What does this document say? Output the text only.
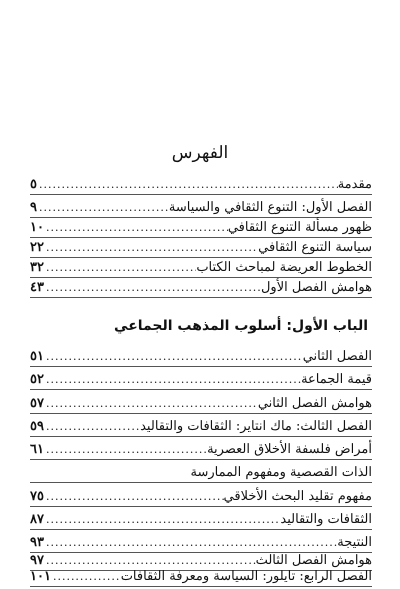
الفهرس
مقدمة
.....
٥
الفصل الأول: التنوع الثقافي والسياسة
.....
٩
ظهور مسألة التنوع الثقافي
.....
١٠
سياسة التنوع الثقافي
.....
٢٢
الخطوط العريضة لمباحث الكتاب
.....
٣٢
هوامش الفصل الأول
.....
٤٣
الباب الأول: أسلوب المذهب الجماعي
الفصل الثاني
.....
٥١
قيمة الجماعة
.....
٥٢
هوامش الفصل الثاني
.....
٥٧
الفصل الثالث: ماك انتاير: الثقافات والتقاليد
.....
٥٩
أمراض فلسفة الأخلاق العصرية
.....
٦١
الذات القصصية ومفهوم الممارسة
مفهوم تقليد البحث الأخلاقي
.....
٧٥
الثقافات والتقاليد
.....
٨٧
النتيجة
.....
٩٣
هوامش الفصل الثالث
.....
٩٧
الفصل الرابع: تايلور: السياسة ومعرفة الثقافات
.....
١٠١
